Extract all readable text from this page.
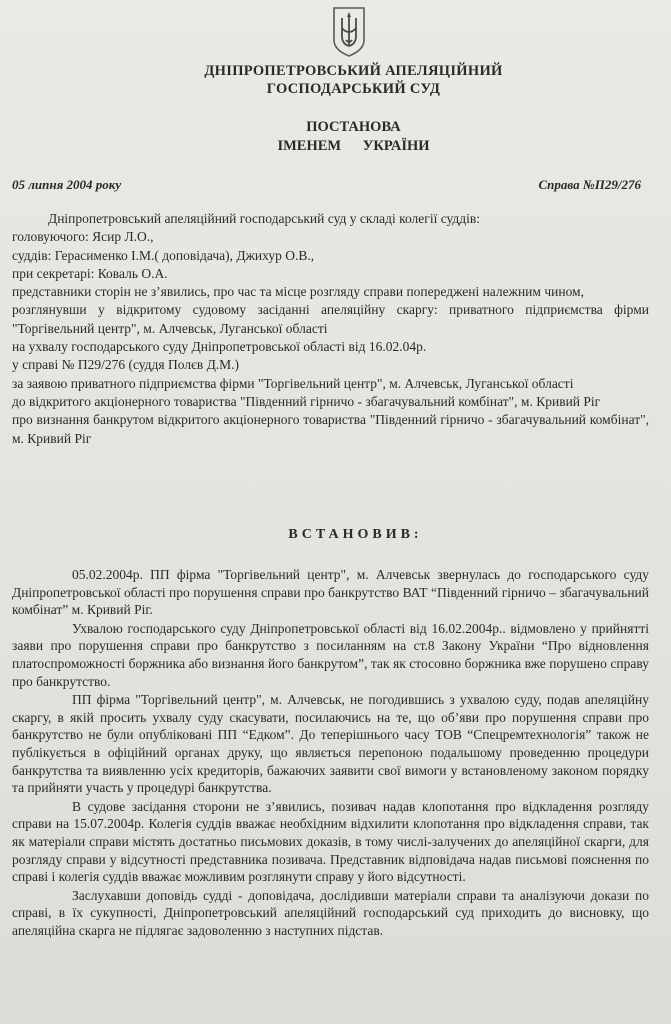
ДНІПРОПЕТРОВСЬКИЙ АПЕЛЯЦІЙНИЙ
ГОСПОДАРСЬКИЙ СУД
ПОСТАНОВА
ІМЕНЕМ УКРАЇНИ
05 липня 2004 року	Справа №П29/276

Дніпропетровський апеляційний господарський суд у складі колегії суддів:

головуючого: Ясир Л.О.,

суддів: Герасименко І.М.( доповідача), Джихур О.В.,

при секретарі: Коваль О.А.

представники сторін не з’явились, про час та місце розгляду справи попереджені належним чином,

розглянувши у відкритому судовому засіданні апеляційну скаргу: приватного підприємства фірми "Торгівельний центр", м. Алчевськ, Луганської області

на ухвалу господарського суду Дніпропетровської області від 16.02.04р.

у справі № П29/276 (суддя Полєв Д.М.)

за заявою приватного підприємства фірми "Торгівельний центр", м. Алчевськ, Луганської області

до відкритого акціонерного товариства "Південний гірничо - збагачувальний комбінат", м. Кривий Ріг

про визнання банкрутом відкритого акціонерного товариства "Південний гірничо - збагачувальний комбінат", м. Кривий Ріг

ВСТАНОВИВ:

05.02.2004р. ПП фірма "Торгівельний центр", м. Алчевськ звернулась до господарського суду Дніпропетровської області про порушення справи про банкрутство ВАТ “Південний гірничо – збагачувальний комбінат” м. Кривий Ріг.

Ухвалою господарського суду Дніпропетровської області від 16.02.2004р.. відмовлено у прийнятті заяви про порушення справи про банкрутство з посиланням на ст.8 Закону України “Про відновлення платоспроможності боржника або визнання його банкрутом”, так як стосовно боржника вже порушено справу про банкрутство.

ПП фірма "Торгівельний центр", м. Алчевськ, не погодившись з ухвалою суду, подав апеляційну скаргу, в якій просить ухвалу суду скасувати, посилаючись на те, що об’яви про порушення справи про банкрутство не були опубліковані ПП “Едком”. До теперішнього часу ТОВ “Спецремтехнологія” також не публікується в офіційний органах друку, що являється перепоною подальшому проведенню процедури банкрутства та виявленню усіх кредиторів, бажаючих заявити свої вимоги у встановленому законом порядку та прийняти участь у процедурі банкрутства.

В судове засідання сторони не з’явились, позивач надав клопотання про відкладення розгляду справи на 15.07.2004р. Колегія суддів вважає необхідним відхилити клопотання про відкладення справи, так як матеріали справи містять достатньо письмових доказів, в тому числі-залучених до апеляційної скарги, для розгляду справи у відсутності представника позивача. Представник відповідача надав письмові пояснення по справі і колегія суддів вважає можливим розглянути справу у його відсутності.

Заслухавши доповідь судді - доповідача, дослідивши матеріали справи та аналізуючи докази по справі, в їх сукупності, Дніпропетровський апеляційний господарський суд приходить до висновку, що апеляційна скарга не підлягає задоволенню з наступних підстав.
